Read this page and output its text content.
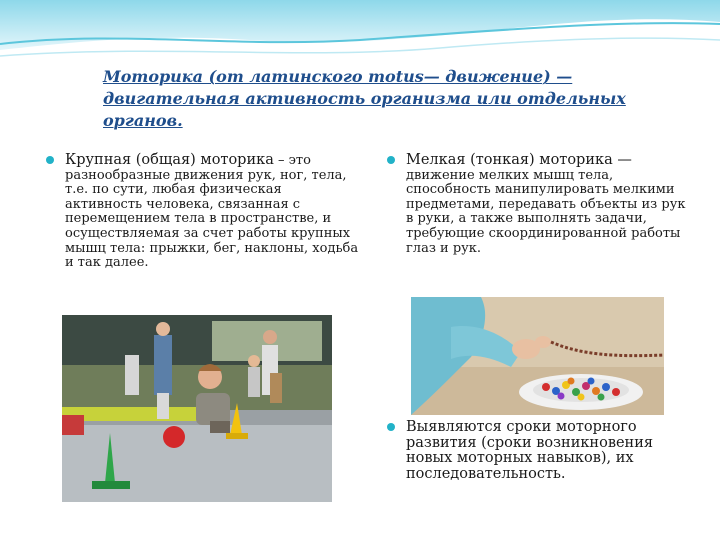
Моторика (от латинского motus— движение) — двигательная активность организма или отдельных органов.
Крупная (общая) моторика – это разнообразные движения рук, ног, тела, т.е. по сути, любая физическая активность человека, связанная с перемещением тела в пространстве, и осуществляемая за счет работы крупных мышц тела: прыжки, бег, наклоны, ходьба и так далее.
Мелкая (тонкая) моторика — движение мелких мышц тела, способность манипулировать мелкими предметами, передавать объекты из рук в руки, а также выполнять задачи, требующие скоординированной работы глаз и рук.
Выявляются сроки моторного развития (сроки возникновения новых моторных навыков), их последовательность.
